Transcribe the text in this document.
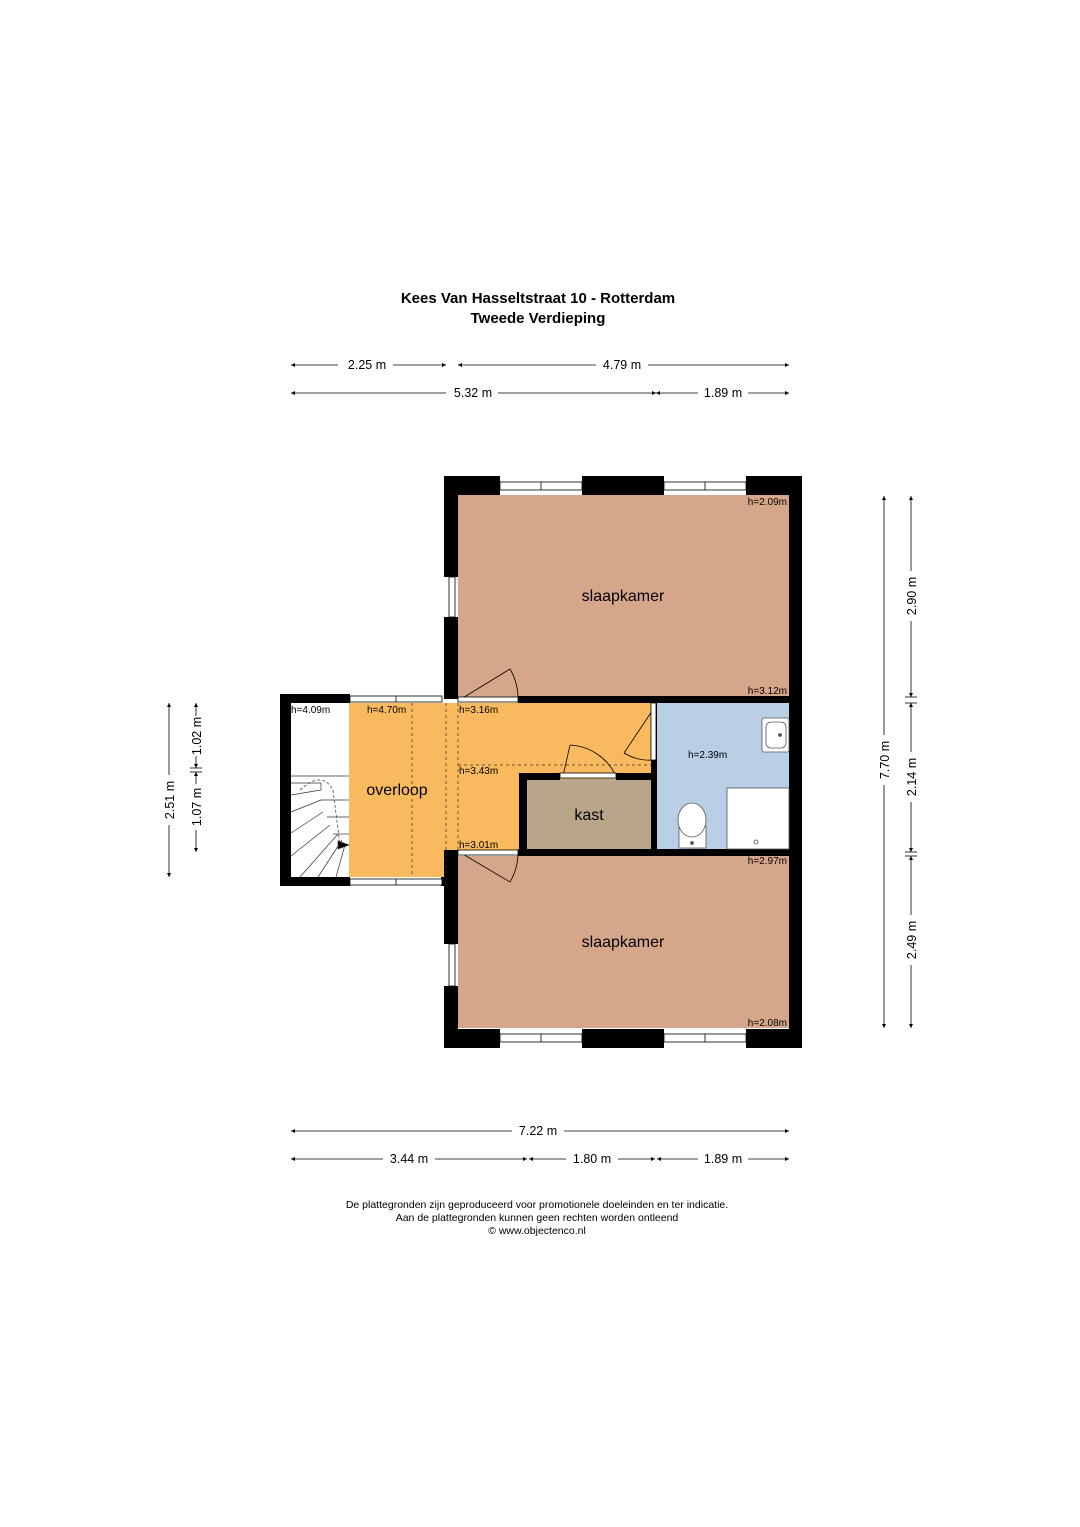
Kees Van Hasseltstraat 10 - Rotterdam
Tweede Verdieping
2.25 m	4.79 m
5.32 m	1.89 m
slaapkamer
slaapkamer
overloop
kast
h=2.09m
h=3.12m
h=4.09m	h=4.70m	h=3.16m
h=3.43m
h=3.01m
h=2.39m
h=2.97m
h=2.08m
7.70 m
2.90 m
2.14 m
2.49 m
2.51 m
1.02 m
1.07 m
7.22 m
3.44 m	1.80 m	1.89 m
De plattegronden zijn geproduceerd voor promotionele doeleinden en ter indicatie.
Aan de plattegronden kunnen geen rechten worden ontleend
© www.objectenco.nl
